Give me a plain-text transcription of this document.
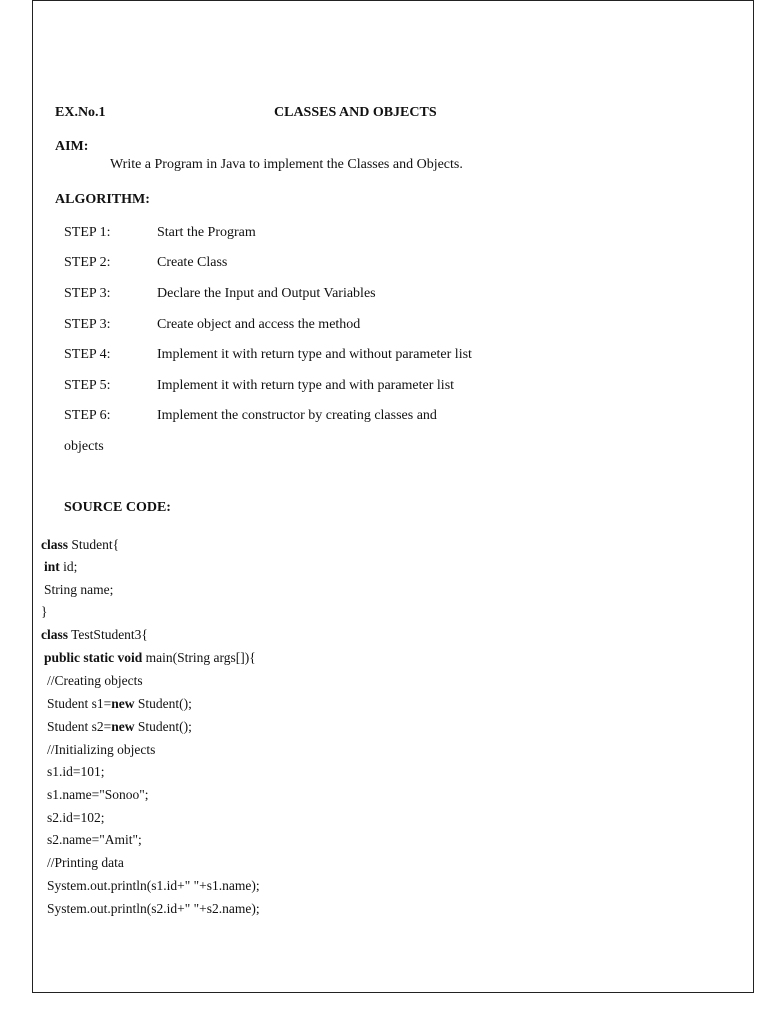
EX.No.1	CLASSES AND OBJECTS
AIM:
Write a Program in Java to implement the Classes and Objects.
ALGORITHM:
STEP 1:	Start the Program
STEP 2:	Create Class
STEP 3:	Declare the Input and Output Variables
STEP 3:	Create object and access the method
STEP 4:	Implement it with return type and without parameter list
STEP 5:	Implement it with return type and with parameter list
STEP 6:	Implement the constructor by creating classes and
objects
SOURCE CODE:
class Student{
int id;
String name;
}
class TestStudent3{
public static void main(String args[]){
//Creating objects
Student s1=new Student();
Student s2=new Student();
//Initializing objects
s1.id=101;
s1.name="Sonoo";
s2.id=102;
s2.name="Amit";
//Printing data
System.out.println(s1.id+" "+s1.name);
System.out.println(s2.id+" "+s2.name);
